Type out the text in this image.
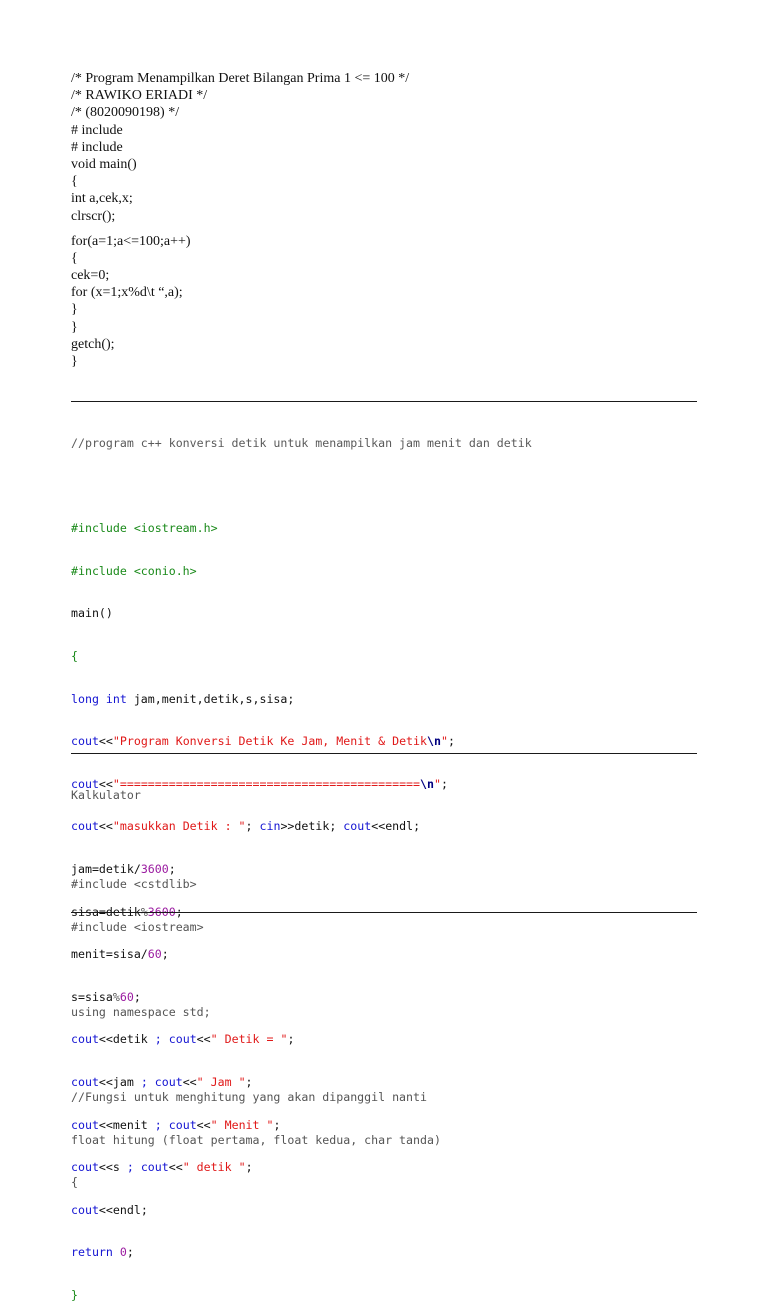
/* Program Menampilkan Deret Bilangan Prima 1 <= 100 */
/* RAWIKO ERIADI */
/* (8020090198) */
# include
# include
void main()
{
int a,cek,x;
clrscr();
for(a=1;a<=100;a++)
{
cek=0;
for (x=1;x%d\t “,a);
}
}
getch();
}

//program c++ konversi detik untuk menampilkan jam menit dan detik

#include <iostream.h>

#include <conio.h>

main()

{

long int jam,menit,detik,s,sisa;

cout<<"Program Konversi Detik Ke Jam, Menit & Detik\n";

cout<<"===========================================\n";

cout<<"masukkan Detik : "; cin>>detik; cout<<endl;

jam=detik/3600;

sisa=detik%3600;

menit=sisa/60;

s=sisa%60;

cout<<detik ; cout<<" Detik = ";

cout<<jam ; cout<<" Jam ";

cout<<menit ; cout<<" Menit ";

cout<<s ; cout<<" detik ";

cout<<endl;

return 0;

}

Kalkulator

#include <cstdlib>

#include <iostream>

using namespace std;

//Fungsi untuk menghitung yang akan dipanggil nanti

float hitung (float pertama, float kedua, char tanda)

{
